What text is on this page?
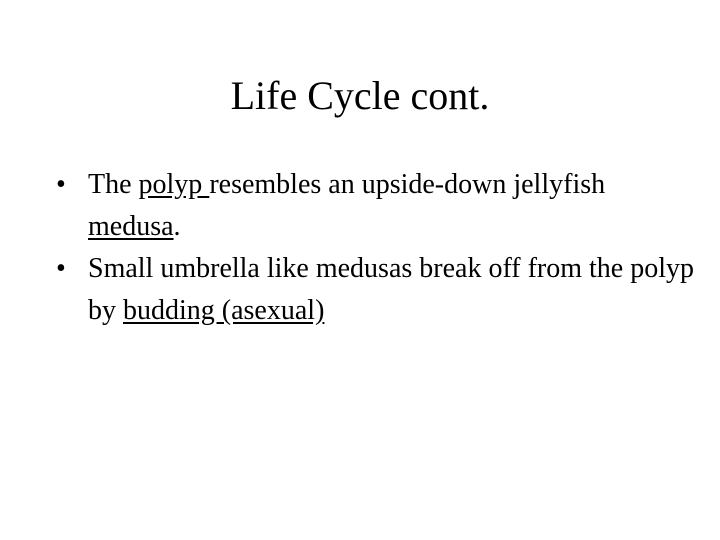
Life Cycle cont.
• The polyp resembles an upside-down jellyfish medusa.
• Small umbrella like medusas break off from the polyp by budding (asexual)
